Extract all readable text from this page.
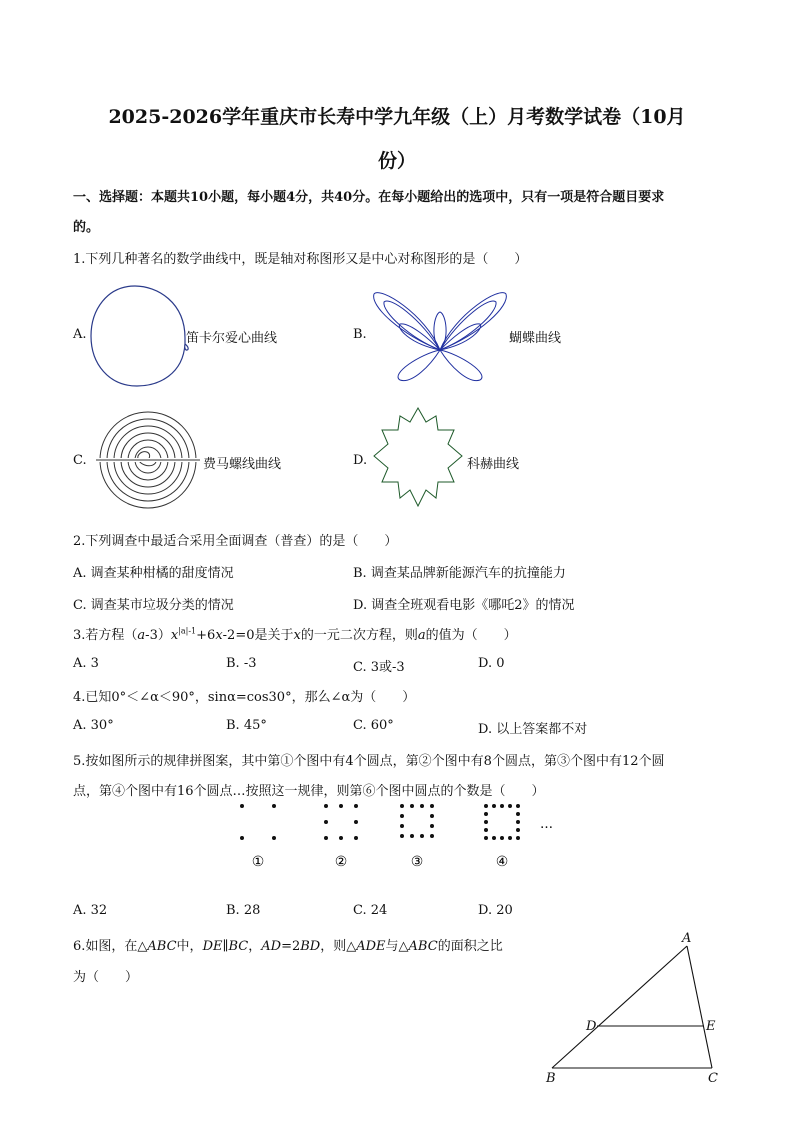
2025-2026学年重庆市长寿中学九年级（上）月考数学试卷（10月
份）
一、选择题：本题共10小题，每小题4分，共40分。在每小题给出的选项中，只有一项是符合题目要求
的。
1.下列几种著名的数学曲线中，既是轴对称图形又是中心对称图形的是（　　）
A.	笛卡尔爱心曲线	B.	蝴蝶曲线
C.	费马螺线曲线	D.	科赫曲线
2.下列调查中最适合采用全面调查（普查）的是（　　）
A. 调查某种柑橘的甜度情况	B. 调查某品牌新能源汽车的抗撞能力
C. 调查某市垃圾分类的情况	D. 调查全班观看电影《哪吒2》的情况
3.若方程$(a-3)x^{|a|-1}+6x-2=0$是关于x的一元二次方程，则a的值为（　　）
A. 3	B. -3	C. 3或-3	D. 0
4.已知0°＜∠α＜90°，sinα=cos30°，那么∠α为（　　）
A. 30°	B. 45°	C. 60°	D. 以上答案都不对
5.按如图所示的规律拼图案，其中第①个图中有4个圆点，第②个图中有8个圆点，第③个图中有12个圆
点，第④个图中有16个圆点…按照这一规律，则第⑥个图中圆点的个数是（　　）
…
①	②	③	④
A. 32	B. 28	C. 24	D. 20
6.如图，在△ABC中，DE∥BC，AD=2BD，则△ADE与△ABC的面积之比
为（　　）
A
D	E
B	C
